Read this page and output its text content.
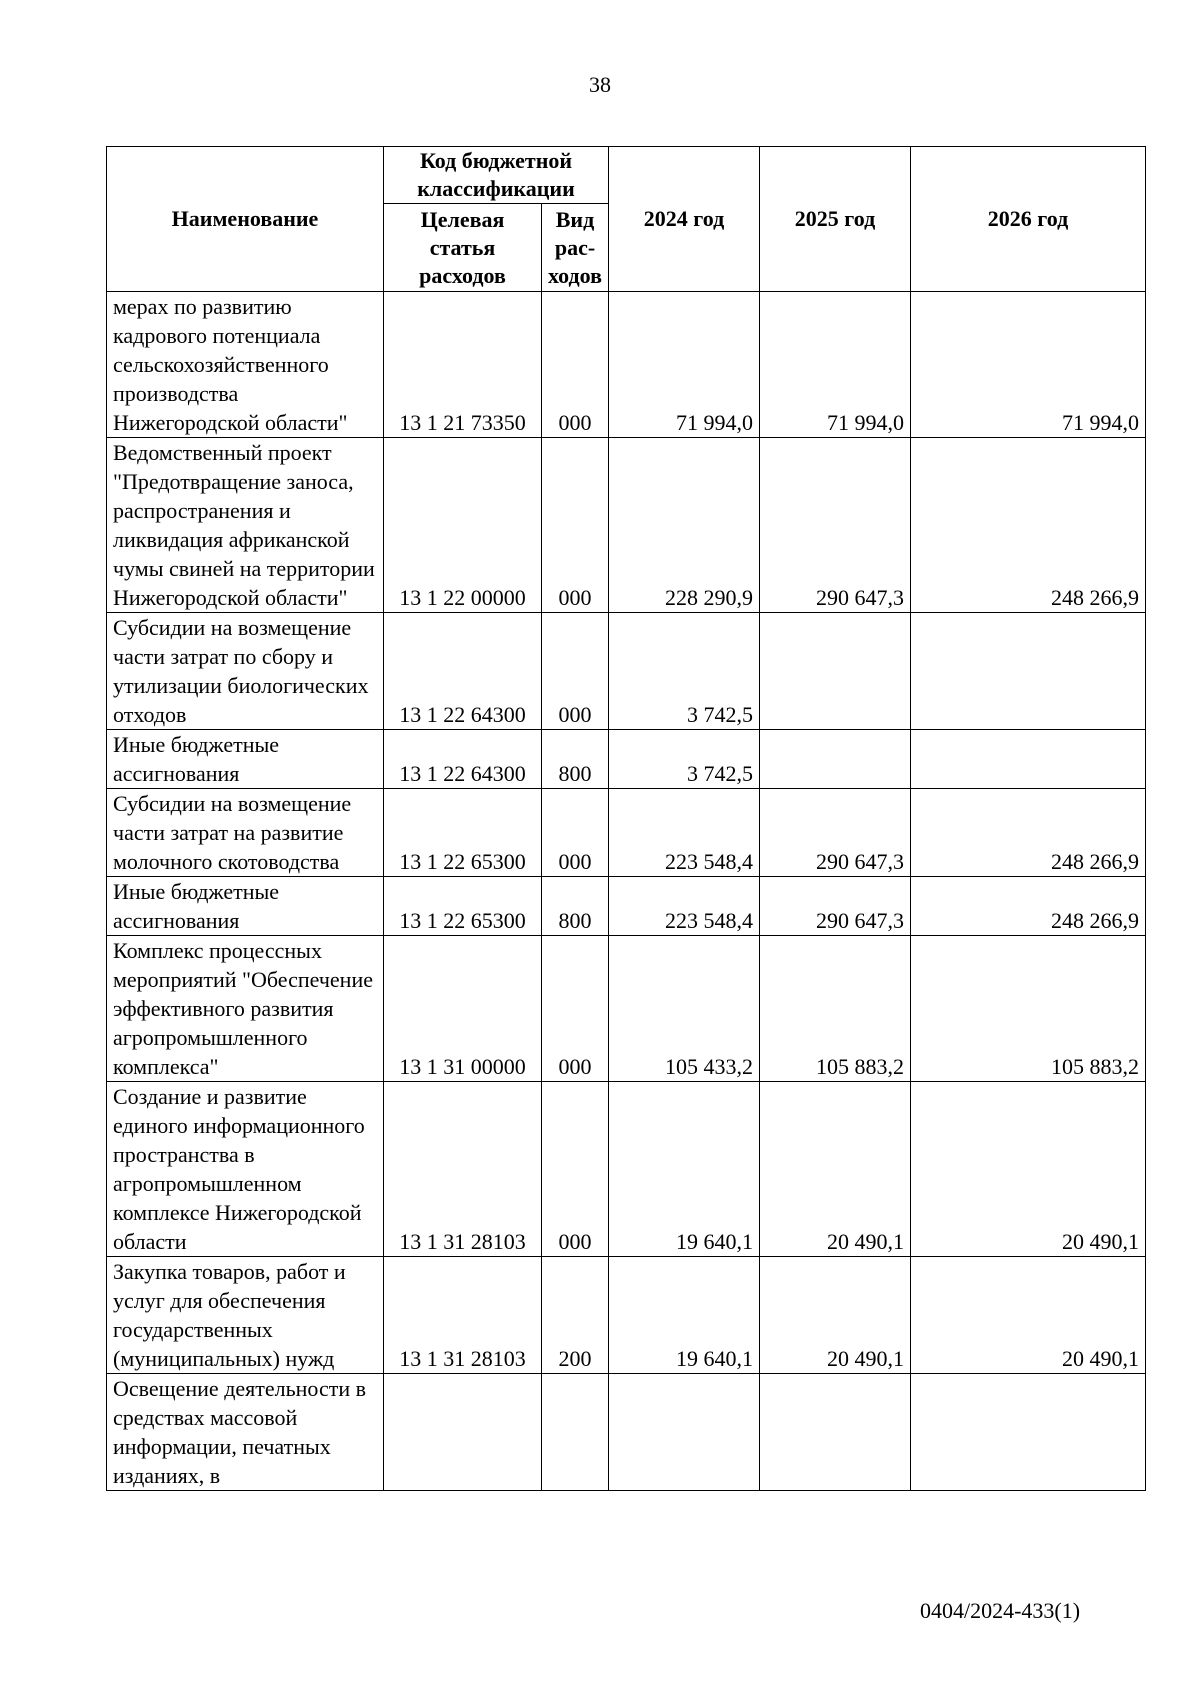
38
Наименование	Код бюджетной классификации		2024 год	2025 год	2026 год
	Целевая статья расходов	Вид рас-ходов			
мерах по развитию кадрового потенциала сельскохозяйственного производства Нижегородской области"	13 1 21 73350	000	71 994,0	71 994,0	71 994,0
Ведомственный проект "Предотвращение заноса, распространения и ликвидация африканской чумы свиней на территории Нижегородской области"	13 1 22 00000	000	228 290,9	290 647,3	248 266,9
Субсидии на возмещение части затрат по сбору и утилизации биологических отходов	13 1 22 64300	000	3 742,5		
Иные бюджетные ассигнования	13 1 22 64300	800	3 742,5		
Субсидии на возмещение части затрат на развитие молочного скотоводства	13 1 22 65300	000	223 548,4	290 647,3	248 266,9
Иные бюджетные ассигнования	13 1 22 65300	800	223 548,4	290 647,3	248 266,9
Комплекс процессных мероприятий "Обеспечение эффективного развития агропромышленного комплекса"	13 1 31 00000	000	105 433,2	105 883,2	105 883,2
Создание и развитие единого информационного пространства в агропромышленном комплексе Нижегородской области	13 1 31 28103	000	19 640,1	20 490,1	20 490,1
Закупка товаров, работ и услуг для обеспечения государственных (муниципальных) нужд	13 1 31 28103	200	19 640,1	20 490,1	20 490,1
Освещение деятельности в средствах массовой информации, печатных изданиях, в					
0404/2024-433(1)
